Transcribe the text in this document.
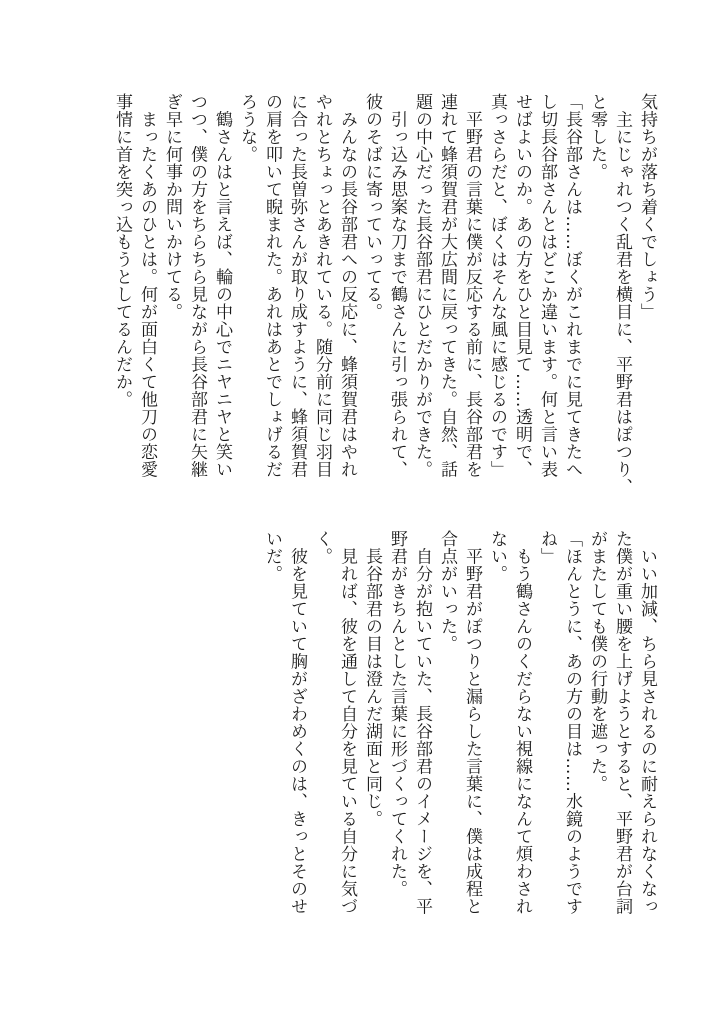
気持ちが落ち着くでしょう」
　主にじゃれつく乱君を横目に、平野君はぽつり、
と零した。
「長谷部さんは……ぼくがこれまでに見てきたへ
し切長谷部さんとはどこか違います。何と言い表
せばよいのか。あの方をひと目見て……透明で、
真っさらだと、ぼくはそんな風に感じるのです」
　平野君の言葉に僕が反応する前に、長谷部君を
連れて蜂須賀君が大広間に戻ってきた。自然、話
題の中心だった長谷部君にひとだかりができた。
　引っ込み思案な刀まで鶴さんに引っ張られて、
彼のそばに寄っていってる。
　みんなの長谷部君への反応に、蜂須賀君はやれ
やれとちょっとあきれている。随分前に同じ羽目
に合った長曽弥さんが取り成すように、蜂須賀君
の肩を叩いて睨まれた。あれはあとでしょげるだ
ろうな。
　鶴さんはと言えば、輪の中心でニヤニヤと笑い
つつ、僕の方をちらちら見ながら長谷部君に矢継
ぎ早に何事か問いかけてる。
　まったくあのひとは。何が面白くて他刀の恋愛
事情に首を突っ込もうとしてるんだか。
　いい加減、ちら見されるのに耐えられなくなっ
た僕が重い腰を上げようとすると、平野君が台詞
がまたしても僕の行動を遮った。
「ほんとうに、あの方の目は……水鏡のようです
ね」
　もう鶴さんのくだらない視線になんて煩わされ
ない。
　平野君がぽつりと漏らした言葉に、僕は成程と
合点がいった。
　自分が抱いていた、長谷部君のイメージを、平
野君がきちんとした言葉に形づくってくれた。
　長谷部君の目は澄んだ湖面と同じ。
　見れば、彼を通して自分を見ている自分に気づ
く。
　彼を見ていて胸がざわめくのは、きっとそのせ
いだ。
